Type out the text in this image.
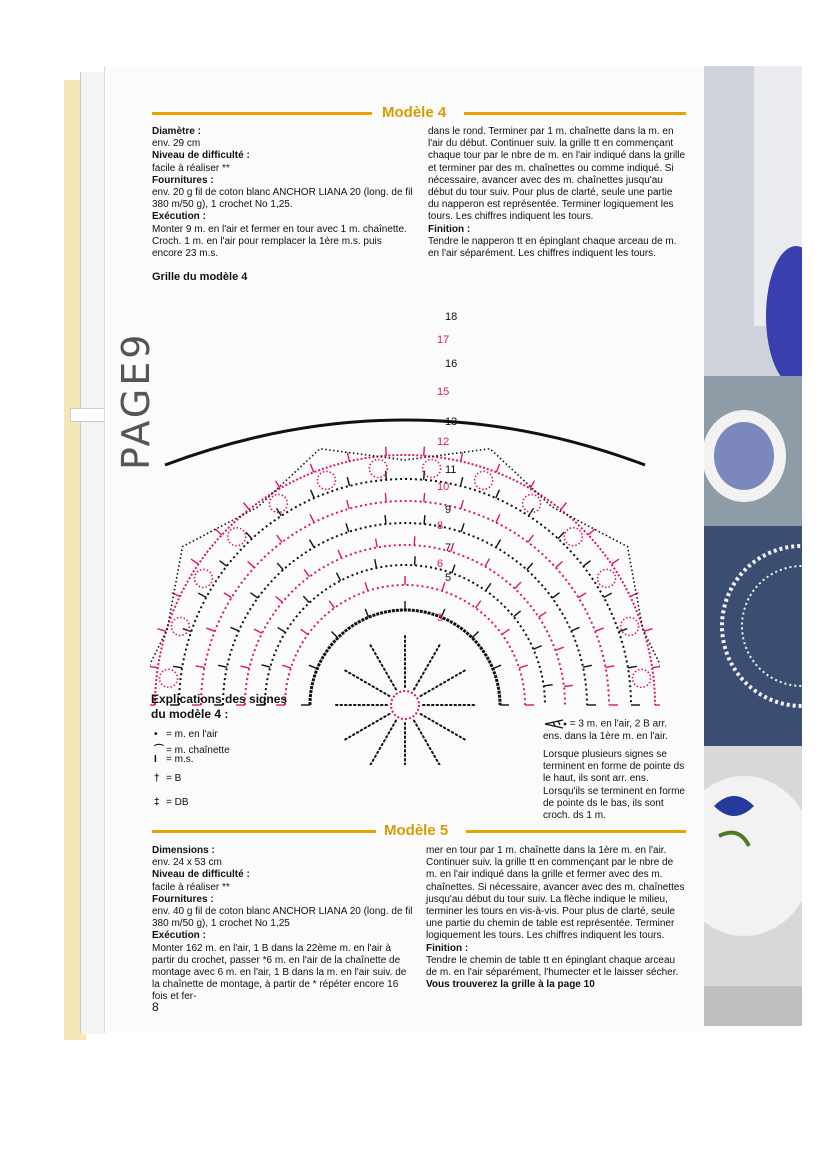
Modèle 4

Diamètre :

env. 29 cm

Niveau de difficulté :

facile à réaliser **

Fournitures :

env. 20 g fil de coton blanc ANCHOR LIANA 20 (long. de fil 380 m/50 g), 1 crochet No 1,25.

Exécution :

Monter 9 m. en l'air et fermer en tour avec 1 m. chaînette. Croch. 1 m. en l'air pour remplacer la 1ère m.s. puis encore 23 m.s.

dans le rond. Terminer par 1 m. chaînette dans la m. en l'air du début. Continuer suiv. la grille tt en commençant chaque tour par le nbre de m. en l'air indiqué dans la grille et terminer par des m. chaînettes ou comme indiqué. Si nécessaire, avancer avec des m. chaînettes jusqu'au début du tour suiv. Pour plus de clarté, seule une partie du napperon est représentée. Terminer logiquement les tours. Les chiffres indiquent les tours.

Finition :

Tendre le napperon tt en épinglant chaque arceau de m. en l'air séparément. Les chiffres indiquent les tours.

Grille du modèle 4
18
17
16
15
13
12
11
10
9
8
7
6
5
3
Explications des signes du modèle 4 :
• = m. en l'air
⌒ = m. chaînette
I = m.s.
† = B
‡ = DB
= 3 m. en l'air, 2 B arr. ens. dans la 1ère m. en l'air.
Lorsque plusieurs signes se terminent en forme de pointe ds le haut, ils sont arr. ens. Lorsqu'ils se terminent en forme de pointe ds le bas, ils sont croch. ds 1 m.
Modèle 5

Dimensions :

env. 24 x 53 cm

Niveau de difficulté :

facile à réaliser **

Fournitures :

env. 40 g fil de coton blanc ANCHOR LIANA 20 (long. de fil 380 m/50 g), 1 crochet No 1,25

Exécution :

Monter 162 m. en l'air, 1 B dans la 22ème m. en l'air à partir du crochet, passer *6 m. en l'air de la chaînette de montage avec 6 m. en l'air, 1 B dans la m. en l'air suiv. de la chaînette de montage, à partir de * répéter encore 16 fois et fer-

mer en tour par 1 m. chaînette dans la 1ère m. en l'air. Continuer suiv. la grille tt en commençant par le nbre de m. en l'air indiqué dans la grille et fermer avec des m. chaînettes. Si nécessaire, avancer avec des m. chaînettes jusqu'au début du tour suiv. La flèche indique le milieu, terminer les tours en vis-à-vis. Pour plus de clarté, seule une partie du chemin de table est représentée. Terminer logiquement les tours. Les chiffres indiquent les tours.

Finition :

Tendre le chemin de table tt en épinglant chaque arceau de m. en l'air séparément, l'humecter et le laisser sécher.

Vous trouverez la grille à la page 10

8
PAGE9
